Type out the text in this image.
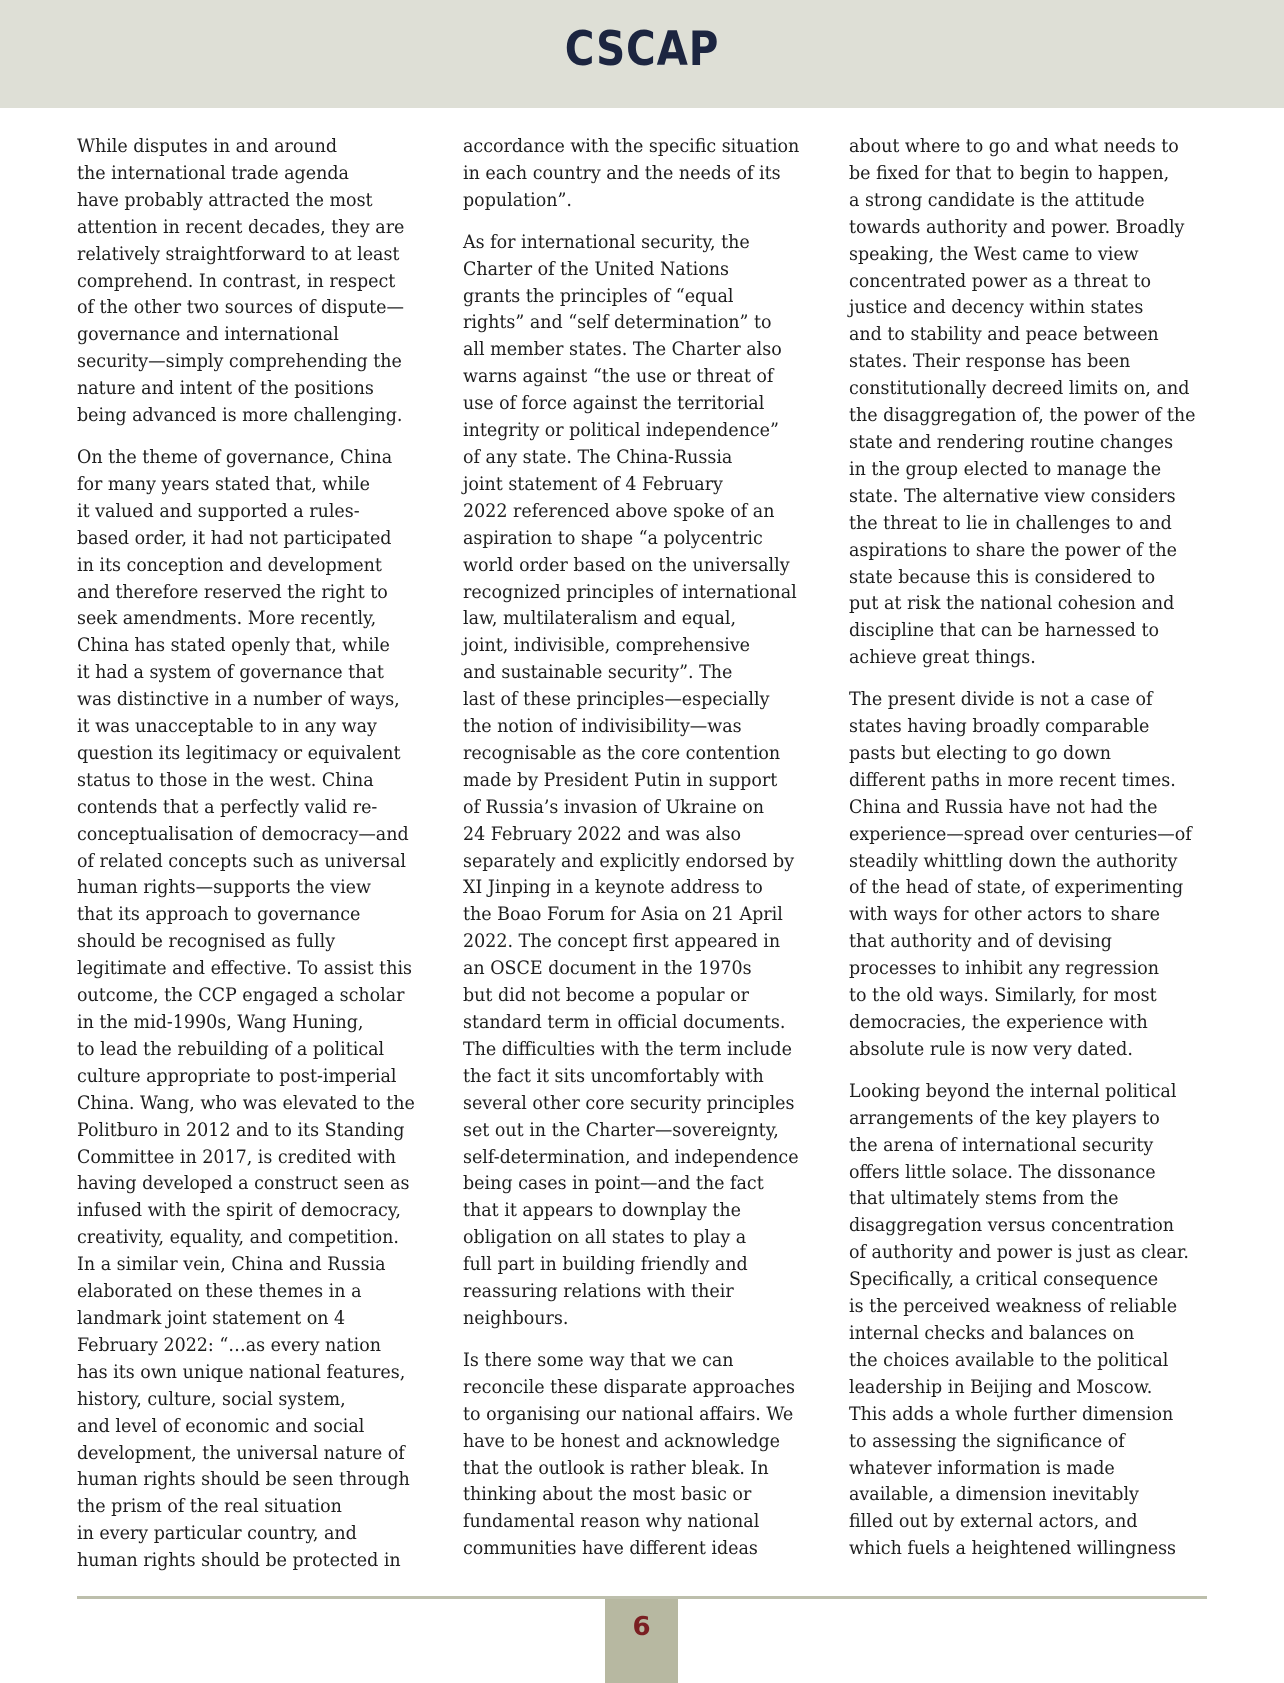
CSCAP

While disputes in and around
the international trade agenda
have probably attracted the most
attention in recent decades, they are
relatively straightforward to at least
comprehend. In contrast, in respect
of the other two sources of dispute—
governance and international
security—simply comprehending the
nature and intent of the positions
being advanced is more challenging.

On the theme of governance, China
for many years stated that, while
it valued and supported a rules-
based order, it had not participated
in its conception and development
and therefore reserved the right to
seek amendments. More recently,
China has stated openly that, while
it had a system of governance that
was distinctive in a number of ways,
it was unacceptable to in any way
question its legitimacy or equivalent
status to those in the west. China
contends that a perfectly valid re-
conceptualisation of democracy—and
of related concepts such as universal
human rights—supports the view
that its approach to governance
should be recognised as fully
legitimate and effective. To assist this
outcome, the CCP engaged a scholar
in the mid-1990s, Wang Huning,
to lead the rebuilding of a political
culture appropriate to post-imperial
China. Wang, who was elevated to the
Politburo in 2012 and to its Standing
Committee in 2017, is credited with
having developed a construct seen as
infused with the spirit of democracy,
creativity, equality, and competition.
In a similar vein, China and Russia
elaborated on these themes in a
landmark joint statement on 4
February 2022: “…as every nation
has its own unique national features,
history, culture, social system,
and level of economic and social
development, the universal nature of
human rights should be seen through
the prism of the real situation
in every particular country, and
human rights should be protected in

accordance with the specific situation
in each country and the needs of its
population”.

As for international security, the
Charter of the United Nations
grants the principles of “equal
rights” and “self determination” to
all member states. The Charter also
warns against “the use or threat of
use of force against the territorial
integrity or political independence”
of any state. The China-Russia
joint statement of 4 February
2022 referenced above spoke of an
aspiration to shape “a polycentric
world order based on the universally
recognized principles of international
law, multilateralism and equal,
joint, indivisible, comprehensive
and sustainable security”. The
last of these principles—especially
the notion of indivisibility—was
recognisable as the core contention
made by President Putin in support
of Russia’s invasion of Ukraine on
24 February 2022 and was also
separately and explicitly endorsed by
XI Jinping in a keynote address to
the Boao Forum for Asia on 21 April
2022. The concept first appeared in
an OSCE document in the 1970s
but did not become a popular or
standard term in official documents.
The difficulties with the term include
the fact it sits uncomfortably with
several other core security principles
set out in the Charter—sovereignty,
self-determination, and independence
being cases in point—and the fact
that it appears to downplay the
obligation on all states to play a
full part in building friendly and
reassuring relations with their
neighbours.

Is there some way that we can
reconcile these disparate approaches
to organising our national affairs. We
have to be honest and acknowledge
that the outlook is rather bleak. In
thinking about the most basic or
fundamental reason why national
communities have different ideas

about where to go and what needs to
be fixed for that to begin to happen,
a strong candidate is the attitude
towards authority and power. Broadly
speaking, the West came to view
concentrated power as a threat to
justice and decency within states
and to stability and peace between
states. Their response has been
constitutionally decreed limits on, and
the disaggregation of, the power of the
state and rendering routine changes
in the group elected to manage the
state. The alternative view considers
the threat to lie in challenges to and
aspirations to share the power of the
state because this is considered to
put at risk the national cohesion and
discipline that can be harnessed to
achieve great things.

The present divide is not a case of
states having broadly comparable
pasts but electing to go down
different paths in more recent times.
China and Russia have not had the
experience—spread over centuries—of
steadily whittling down the authority
of the head of state, of experimenting
with ways for other actors to share
that authority and of devising
processes to inhibit any regression
to the old ways. Similarly, for most
democracies, the experience with
absolute rule is now very dated.

Looking beyond the internal political
arrangements of the key players to
the arena of international security
offers little solace. The dissonance
that ultimately stems from the
disaggregation versus concentration
of authority and power is just as clear.
Specifically, a critical consequence
is the perceived weakness of reliable
internal checks and balances on
the choices available to the political
leadership in Beijing and Moscow.
This adds a whole further dimension
to assessing the significance of
whatever information is made
available, a dimension inevitably
filled out by external actors, and
which fuels a heightened willingness

6
